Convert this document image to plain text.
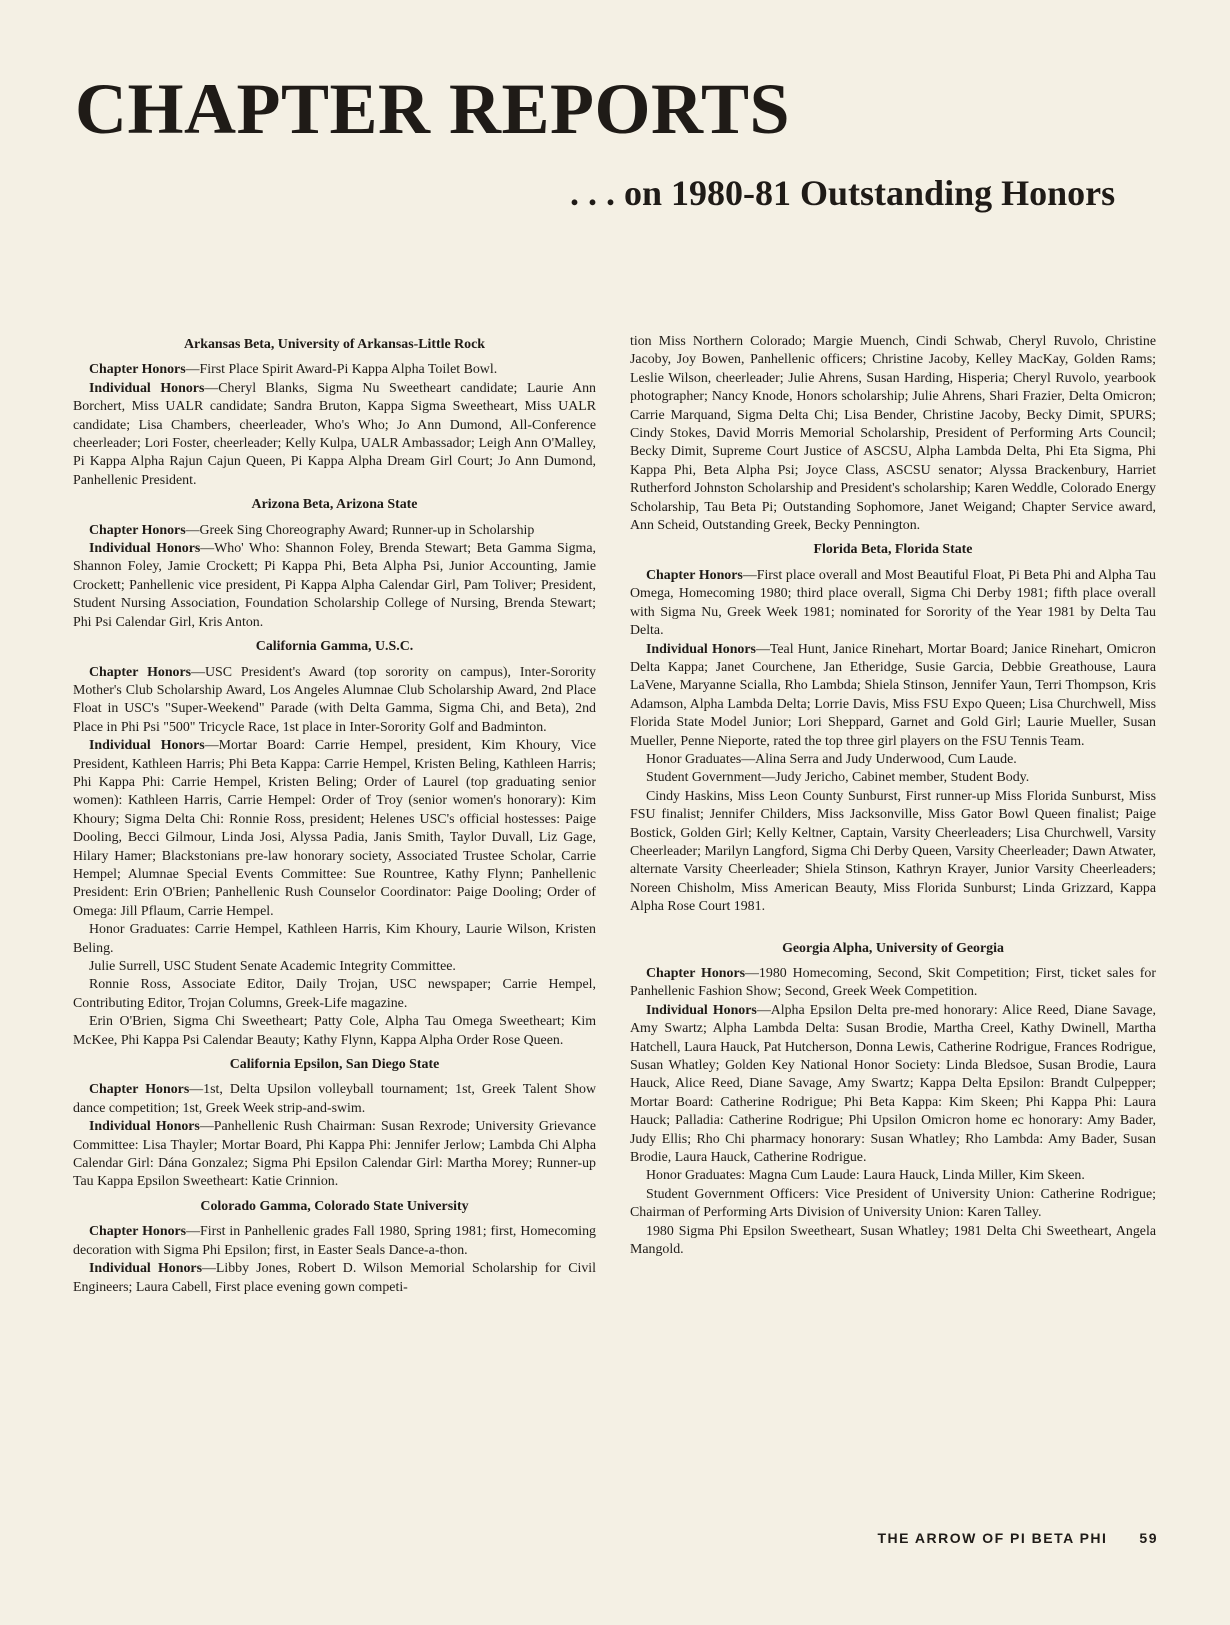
CHAPTER REPORTS
. . . on 1980-81 Outstanding Honors
Arkansas Beta, University of Arkansas-Little Rock

Chapter Honors—First Place Spirit Award-Pi Kappa Alpha Toilet Bowl.

Individual Honors—Cheryl Blanks, Sigma Nu Sweetheart candidate; Laurie Ann Borchert, Miss UALR candidate; Sandra Bruton, Kappa Sigma Sweetheart, Miss UALR candidate; Lisa Chambers, cheerleader, Who's Who; Jo Ann Dumond, All-Conference cheerleader; Lori Foster, cheerleader; Kelly Kulpa, UALR Ambassador; Leigh Ann O'Malley, Pi Kappa Alpha Rajun Cajun Queen, Pi Kappa Alpha Dream Girl Court; Jo Ann Dumond, Panhellenic President.

Arizona Beta, Arizona State

Chapter Honors—Greek Sing Choreography Award; Runner-up in Scholarship

Individual Honors—Who' Who: Shannon Foley, Brenda Stewart; Beta Gamma Sigma, Shannon Foley, Jamie Crockett; Pi Kappa Phi, Beta Alpha Psi, Junior Accounting, Jamie Crockett; Panhellenic vice president, Pi Kappa Alpha Calendar Girl, Pam Toliver; President, Student Nursing Association, Foundation Scholarship College of Nursing, Brenda Stewart; Phi Psi Calendar Girl, Kris Anton.

California Gamma, U.S.C.

Chapter Honors—USC President's Award (top sorority on campus), Inter-Sorority Mother's Club Scholarship Award, Los Angeles Alumnae Club Scholarship Award, 2nd Place Float in USC's "Super-Weekend" Parade (with Delta Gamma, Sigma Chi, and Beta), 2nd Place in Phi Psi "500" Tricycle Race, 1st place in Inter-Sorority Golf and Badminton.

Individual Honors—Mortar Board: Carrie Hempel, president, Kim Khoury, Vice President, Kathleen Harris; Phi Beta Kappa: Carrie Hempel, Kristen Beling, Kathleen Harris; Phi Kappa Phi: Carrie Hempel, Kristen Beling; Order of Laurel (top graduating senior women): Kathleen Harris, Carrie Hempel: Order of Troy (senior women's honorary): Kim Khoury; Sigma Delta Chi: Ronnie Ross, president; Helenes USC's official hostesses: Paige Dooling, Becci Gilmour, Linda Josi, Alyssa Padia, Janis Smith, Taylor Duvall, Liz Gage, Hilary Hamer; Blackstonians pre-law honorary society, Associated Trustee Scholar, Carrie Hempel; Alumnae Special Events Committee: Sue Rountree, Kathy Flynn; Panhellenic President: Erin O'Brien; Panhellenic Rush Counselor Coordinator: Paige Dooling; Order of Omega: Jill Pflaum, Carrie Hempel.

Honor Graduates: Carrie Hempel, Kathleen Harris, Kim Khoury, Laurie Wilson, Kristen Beling.

Julie Surrell, USC Student Senate Academic Integrity Committee.

Ronnie Ross, Associate Editor, Daily Trojan, USC newspaper; Carrie Hempel, Contributing Editor, Trojan Columns, Greek-Life magazine.

Erin O'Brien, Sigma Chi Sweetheart; Patty Cole, Alpha Tau Omega Sweetheart; Kim McKee, Phi Kappa Psi Calendar Beauty; Kathy Flynn, Kappa Alpha Order Rose Queen.

California Epsilon, San Diego State

Chapter Honors—1st, Delta Upsilon volleyball tournament; 1st, Greek Talent Show dance competition; 1st, Greek Week strip-and-swim.

Individual Honors—Panhellenic Rush Chairman: Susan Rexrode; University Grievance Committee: Lisa Thayler; Mortar Board, Phi Kappa Phi: Jennifer Jerlow; Lambda Chi Alpha Calendar Girl: Dána Gonzalez; Sigma Phi Epsilon Calendar Girl: Martha Morey; Runner-up Tau Kappa Epsilon Sweetheart: Katie Crinnion.

Colorado Gamma, Colorado State University

Chapter Honors—First in Panhellenic grades Fall 1980, Spring 1981; first, Homecoming decoration with Sigma Phi Epsilon; first, in Easter Seals Dance-a-thon.

Individual Honors—Libby Jones, Robert D. Wilson Memorial Scholarship for Civil Engineers; Laura Cabell, First place evening gown competi-

tion Miss Northern Colorado; Margie Muench, Cindi Schwab, Cheryl Ruvolo, Christine Jacoby, Joy Bowen, Panhellenic officers; Christine Jacoby, Kelley MacKay, Golden Rams; Leslie Wilson, cheerleader; Julie Ahrens, Susan Harding, Hisperia; Cheryl Ruvolo, yearbook photographer; Nancy Knode, Honors scholarship; Julie Ahrens, Shari Frazier, Delta Omicron; Carrie Marquand, Sigma Delta Chi; Lisa Bender, Christine Jacoby, Becky Dimit, SPURS; Cindy Stokes, David Morris Memorial Scholarship, President of Performing Arts Council; Becky Dimit, Supreme Court Justice of ASCSU, Alpha Lambda Delta, Phi Eta Sigma, Phi Kappa Phi, Beta Alpha Psi; Joyce Class, ASCSU senator; Alyssa Brackenbury, Harriet Rutherford Johnston Scholarship and President's scholarship; Karen Weddle, Colorado Energy Scholarship, Tau Beta Pi; Outstanding Sophomore, Janet Weigand; Chapter Service award, Ann Scheid, Outstanding Greek, Becky Pennington.

Florida Beta, Florida State

Chapter Honors—First place overall and Most Beautiful Float, Pi Beta Phi and Alpha Tau Omega, Homecoming 1980; third place overall, Sigma Chi Derby 1981; fifth place overall with Sigma Nu, Greek Week 1981; nominated for Sorority of the Year 1981 by Delta Tau Delta.

Individual Honors—Teal Hunt, Janice Rinehart, Mortar Board; Janice Rinehart, Omicron Delta Kappa; Janet Courchene, Jan Etheridge, Susie Garcia, Debbie Greathouse, Laura LaVene, Maryanne Scialla, Rho Lambda; Shiela Stinson, Jennifer Yaun, Terri Thompson, Kris Adamson, Alpha Lambda Delta; Lorrie Davis, Miss FSU Expo Queen; Lisa Churchwell, Miss Florida State Model Junior; Lori Sheppard, Garnet and Gold Girl; Laurie Mueller, Susan Mueller, Penne Nieporte, rated the top three girl players on the FSU Tennis Team.

Honor Graduates—Alina Serra and Judy Underwood, Cum Laude.

Student Government—Judy Jericho, Cabinet member, Student Body.

Cindy Haskins, Miss Leon County Sunburst, First runner-up Miss Florida Sunburst, Miss FSU finalist; Jennifer Childers, Miss Jacksonville, Miss Gator Bowl Queen finalist; Paige Bostick, Golden Girl; Kelly Keltner, Captain, Varsity Cheerleaders; Lisa Churchwell, Varsity Cheerleader; Marilyn Langford, Sigma Chi Derby Queen, Varsity Cheerleader; Dawn Atwater, alternate Varsity Cheerleader; Shiela Stinson, Kathryn Krayer, Junior Varsity Cheerleaders; Noreen Chisholm, Miss American Beauty, Miss Florida Sunburst; Linda Grizzard, Kappa Alpha Rose Court 1981.

Georgia Alpha, University of Georgia

Chapter Honors—1980 Homecoming, Second, Skit Competition; First, ticket sales for Panhellenic Fashion Show; Second, Greek Week Competition.

Individual Honors—Alpha Epsilon Delta pre-med honorary: Alice Reed, Diane Savage, Amy Swartz; Alpha Lambda Delta: Susan Brodie, Martha Creel, Kathy Dwinell, Martha Hatchell, Laura Hauck, Pat Hutcherson, Donna Lewis, Catherine Rodrigue, Frances Rodrigue, Susan Whatley; Golden Key National Honor Society: Linda Bledsoe, Susan Brodie, Laura Hauck, Alice Reed, Diane Savage, Amy Swartz; Kappa Delta Epsilon: Brandt Culpepper; Mortar Board: Catherine Rodrigue; Phi Beta Kappa: Kim Skeen; Phi Kappa Phi: Laura Hauck; Palladia: Catherine Rodrigue; Phi Upsilon Omicron home ec honorary: Amy Bader, Judy Ellis; Rho Chi pharmacy honorary: Susan Whatley; Rho Lambda: Amy Bader, Susan Brodie, Laura Hauck, Catherine Rodrigue.

Honor Graduates: Magna Cum Laude: Laura Hauck, Linda Miller, Kim Skeen.

Student Government Officers: Vice President of University Union: Catherine Rodrigue; Chairman of Performing Arts Division of University Union: Karen Talley.

1980 Sigma Phi Epsilon Sweetheart, Susan Whatley; 1981 Delta Chi Sweetheart, Angela Mangold.

THE ARROW OF PI BETA PHI 59
